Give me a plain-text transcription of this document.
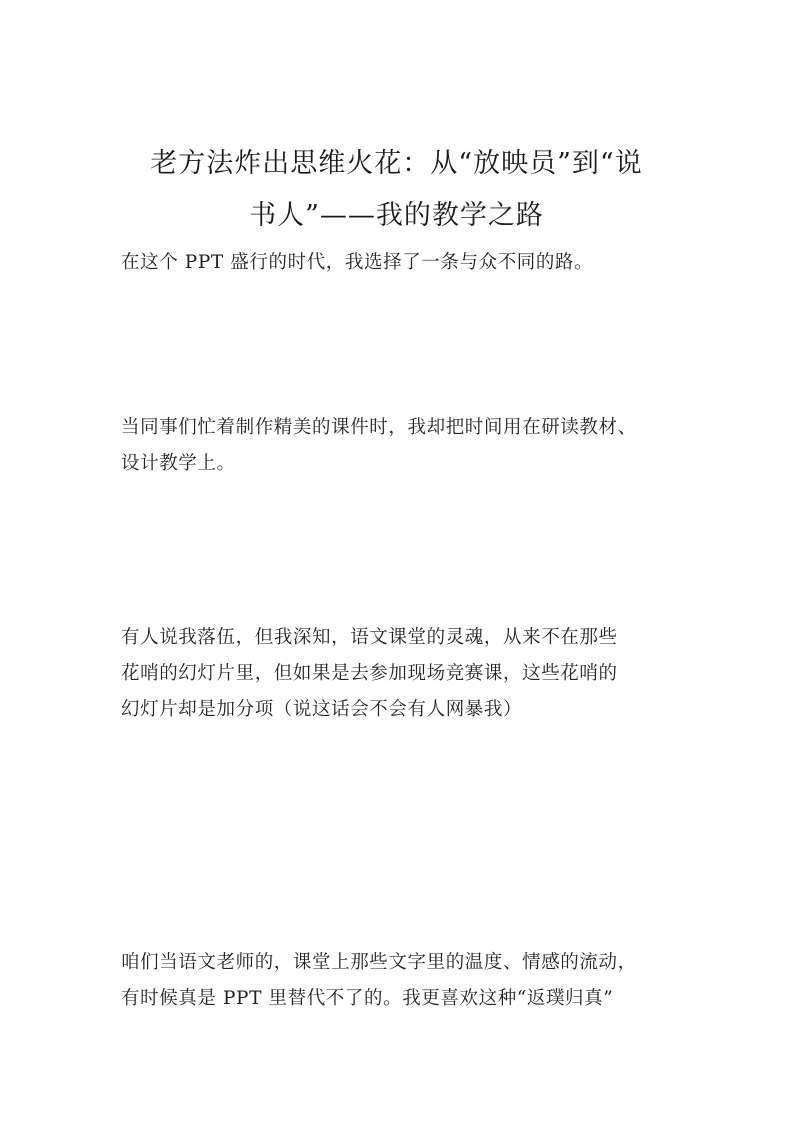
老方法炸出思维火花：从“放映员”到“说
书人”——我的教学之路
在这个 PPT 盛行的时代，我选择了一条与众不同的路。
当同事们忙着制作精美的课件时，我却把时间用在研读教材、
设计教学上。
有人说我落伍，但我深知，语文课堂的灵魂，从来不在那些
花哨的幻灯片里，但如果是去参加现场竞赛课，这些花哨的
幻灯片却是加分项（说这话会不会有人网暴我）
咱们当语文老师的，课堂上那些文字里的温度、情感的流动，
有时候真是 PPT 里替代不了的。我更喜欢这种“返璞归真”
